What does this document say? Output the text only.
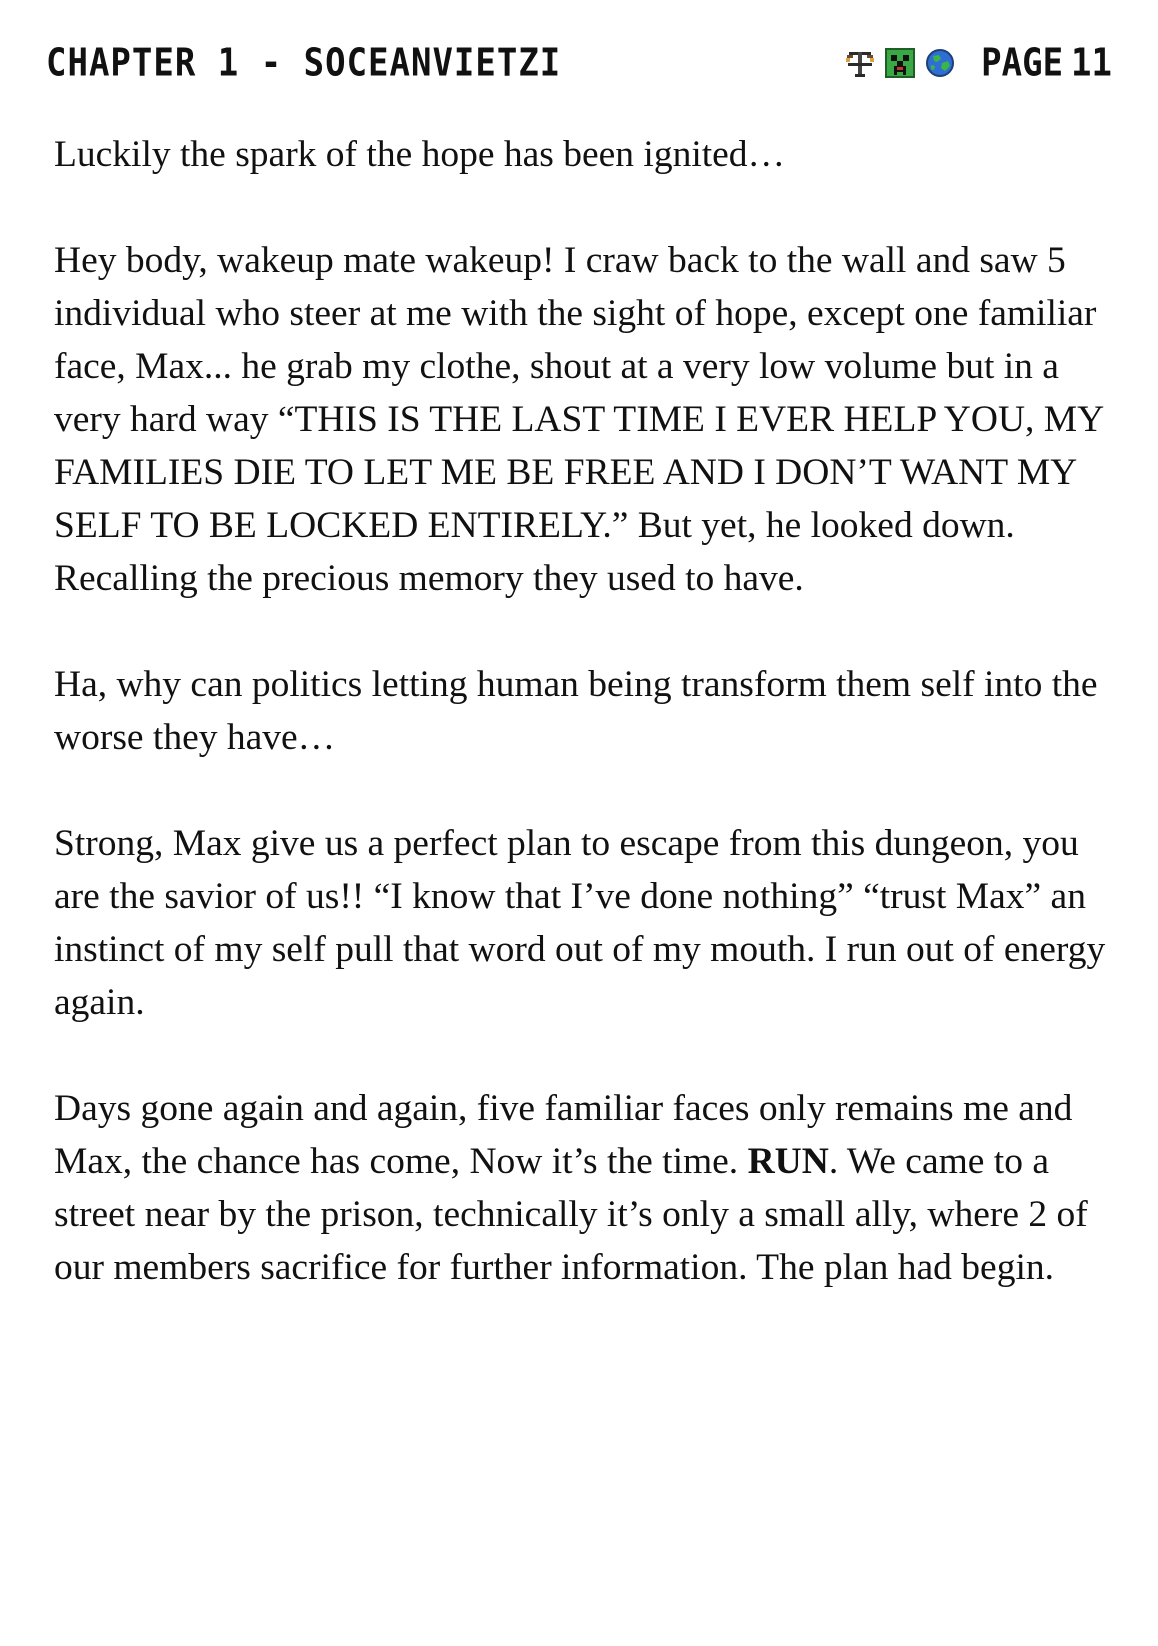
CHAPTER 1 - SOCEANVIETZI	PAGE 11

Luckily the spark of the hope has been ignited…

Hey body, wakeup mate wakeup! I craw back to the wall and saw 5 individual who steer at me with the sight of hope, except one familiar face, Max... he grab my clothe, shout at a very low volume but in a very hard way “THIS IS THE LAST TIME I EVER HELP YOU, MY FAMILIES DIE TO LET ME BE FREE AND I DON’T WANT MY SELF TO BE LOCKED ENTIRELY.” But yet, he looked down. Recalling the precious memory they used to have.

Ha, why can politics letting human being transform them self into the worse they have…

Strong, Max give us a perfect plan to escape from this dungeon, you are the savior of us!! “I know that I’ve done nothing” “trust Max” an instinct of my self pull that word out of my mouth. I run out of energy again.

Days gone again and again, five familiar faces only remains me and Max, the chance has come, Now it’s the time. RUN. We came to a street near by the prison, technically it’s only a small ally, where 2 of our members sacrifice for further information. The plan had begin.
